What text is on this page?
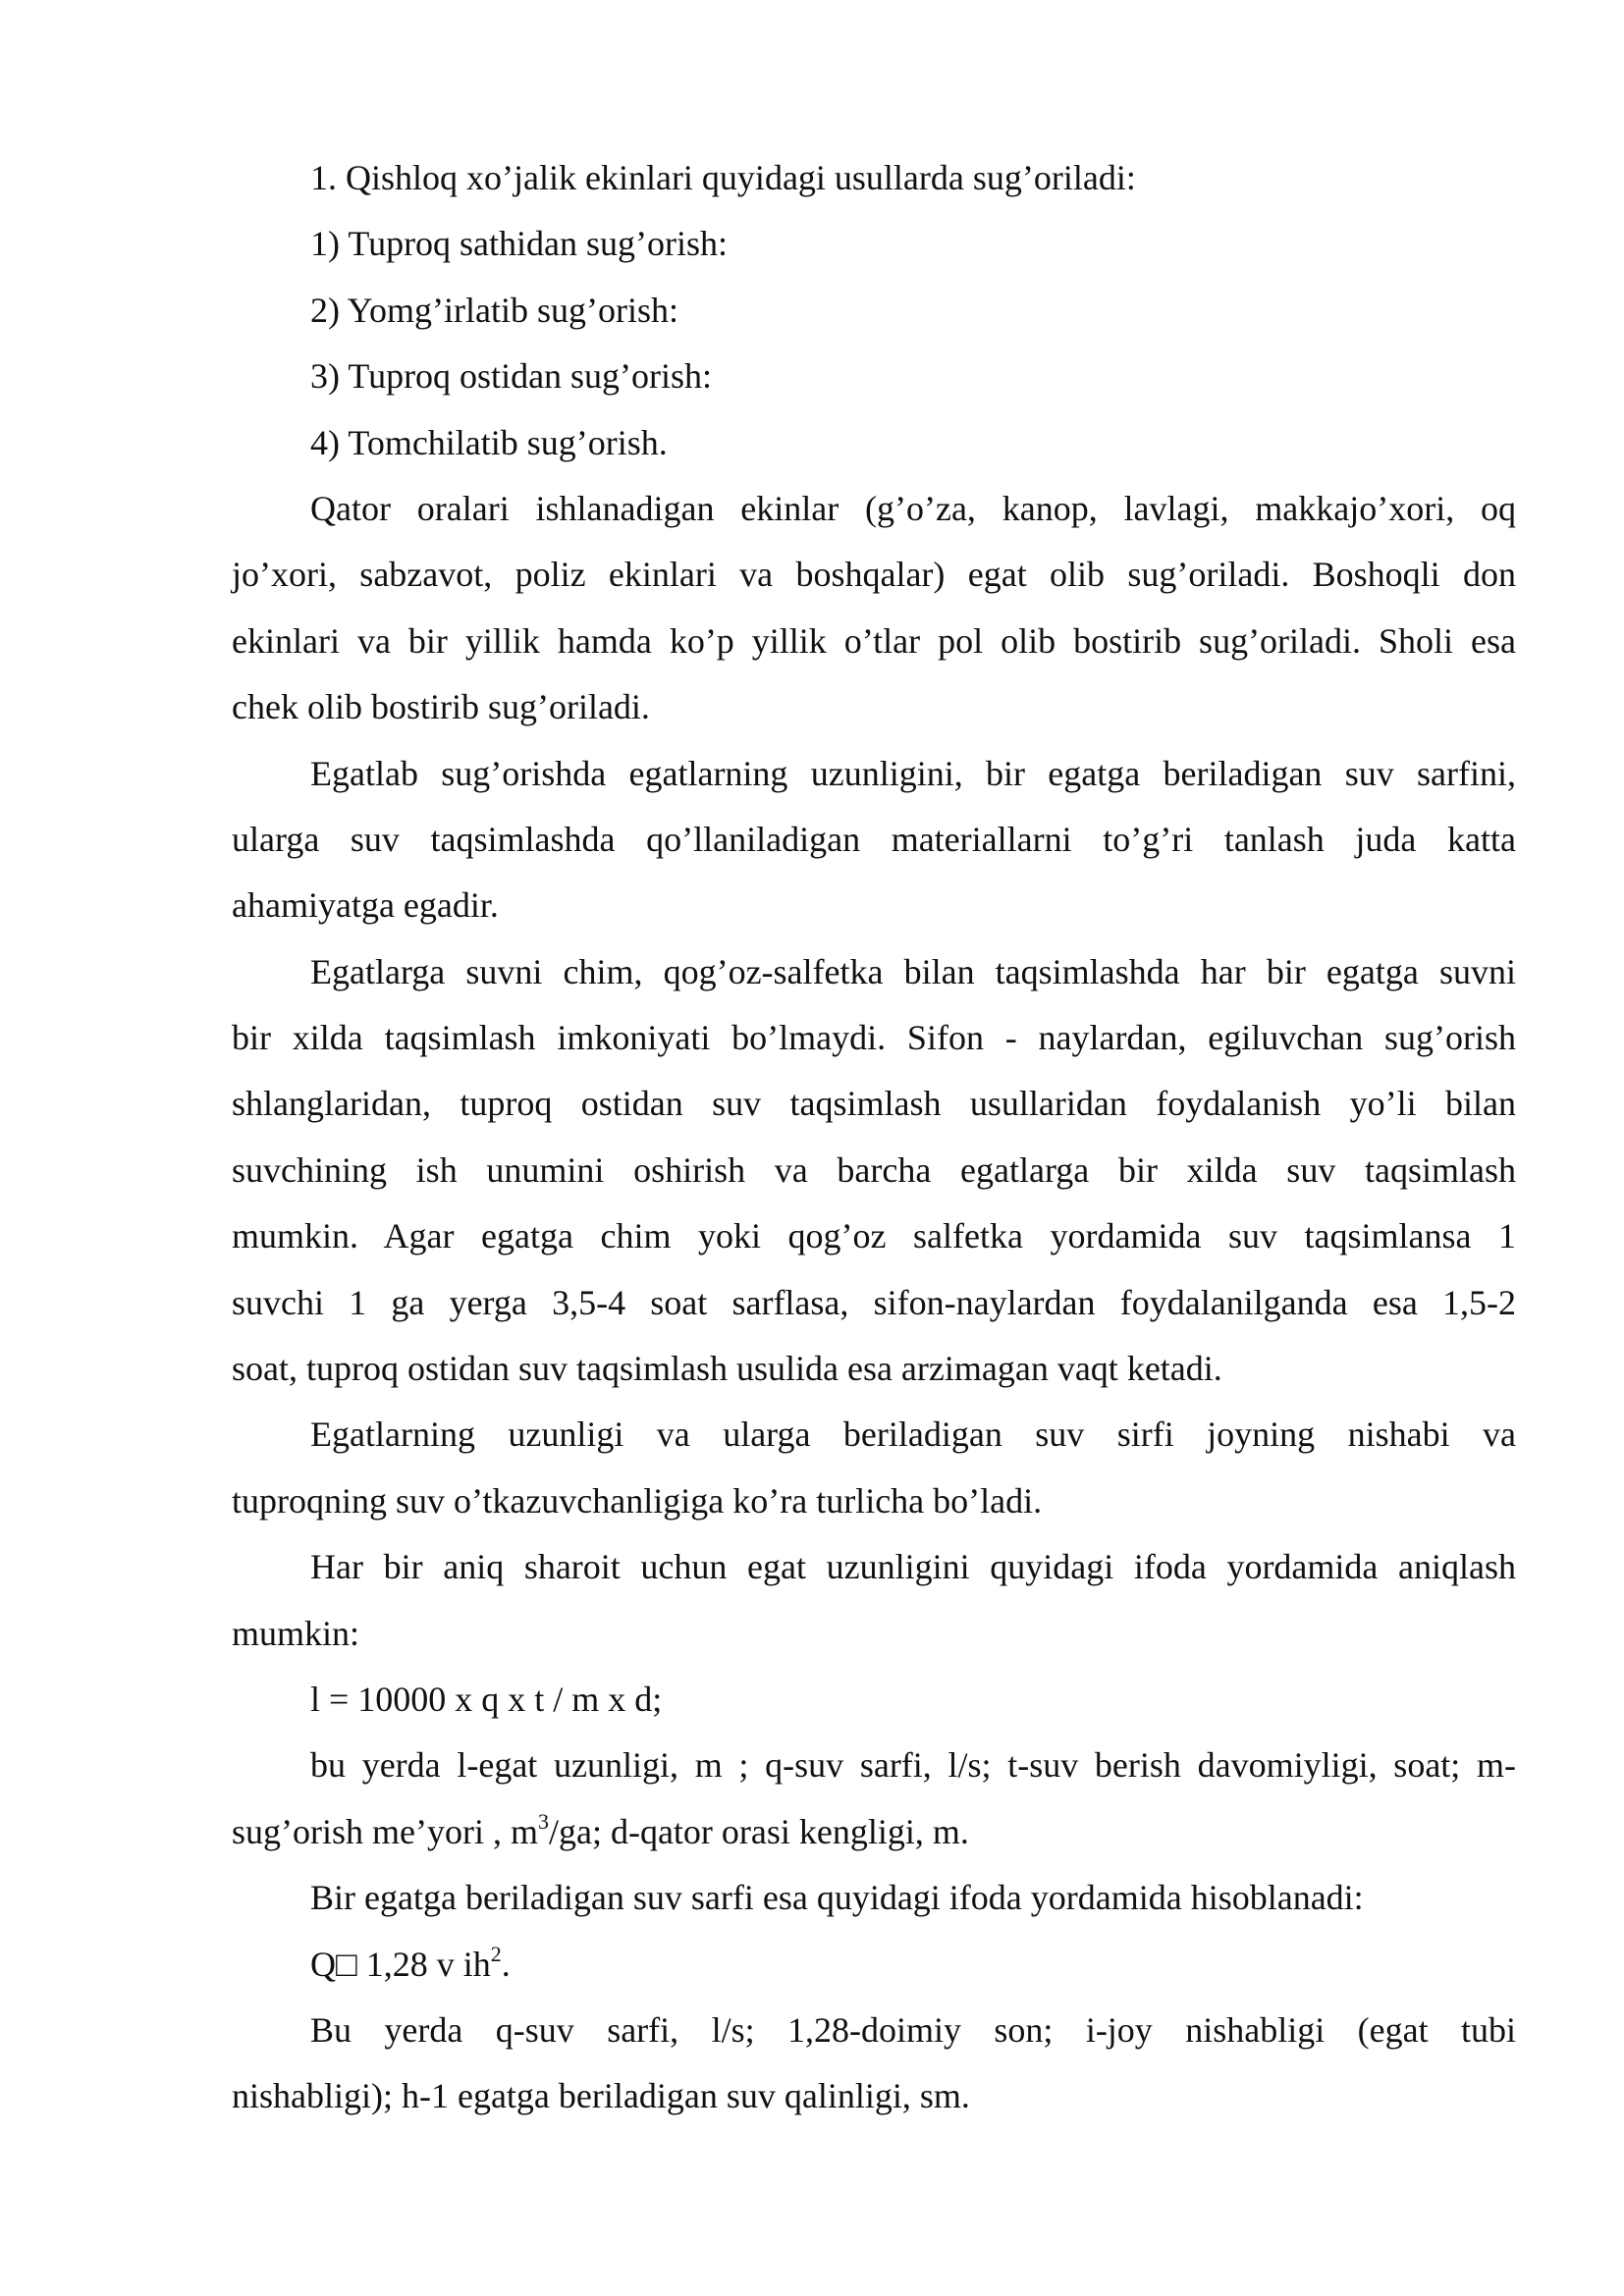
1. Qishloq xo’jalik ekinlari quyidagi usullarda sug’oriladi:
1) Tuproq sathidan sug’orish:
2) Yomg’irlatib sug’orish:
3) Tuproq ostidan sug’orish:
4) Tomchilatib sug’orish.
Qator oralari ishlanadigan ekinlar (g’o’za, kanop, lavlagi, makkajo’xori, oq
jo’xori, sabzavot, poliz ekinlari va boshqalar) egat olib sug’oriladi. Boshoqli don
ekinlari va bir yillik hamda ko’p yillik o’tlar pol olib bostirib sug’oriladi. Sholi esa
chek olib bostirib sug’oriladi.
Egatlab sug’orishda egatlarning uzunligini, bir egatga beriladigan suv sarfini,
ularga suv taqsimlashda qo’llaniladigan materiallarni to’g’ri tanlash juda katta
ahamiyatga egadir.
Egatlarga suvni chim, qog’oz-salfetka bilan taqsimlashda har bir egatga suvni
bir xilda taqsimlash imkoniyati bo’lmaydi. Sifon - naylardan, egiluvchan sug’orish
shlanglaridan, tuproq ostidan suv taqsimlash usullaridan foydalanish yo’li bilan
suvchining ish unumini oshirish va barcha egatlarga bir xilda suv taqsimlash
mumkin. Agar egatga chim yoki qog’oz salfetka yordamida suv taqsimlansa 1
suvchi 1 ga yerga 3,5-4 soat sarflasa, sifon-naylardan foydalanilganda esa 1,5-2
soat, tuproq ostidan suv taqsimlash usulida esa arzimagan vaqt ketadi.
Egatlarning uzunligi va ularga beriladigan suv sirfi joyning nishabi va
tuproqning suv o’tkazuvchanligiga ko’ra turlicha bo’ladi.
Har bir aniq sharoit uchun egat uzunligini quyidagi ifoda yordamida aniqlash
mumkin:
l = 10000 x q x t / m x d;
bu yerda l-egat uzunligi, m ; q-suv sarfi, l/s; t-suv berish davomiyligi, soat; m-
sug’orish me’yori , $m^3/ga$; d-qator orasi kengligi, m.
Bir egatga beriladigan suv sarfi esa quyidagi ifoda yordamida hisoblanadi:
Q□ 1,28 v $ih^2$.
Bu yerda q-suv sarfi, l/s; 1,28-doimiy son; i-joy nishabligi (egat tubi
nishabligi); h-1 egatga beriladigan suv qalinligi, sm.
